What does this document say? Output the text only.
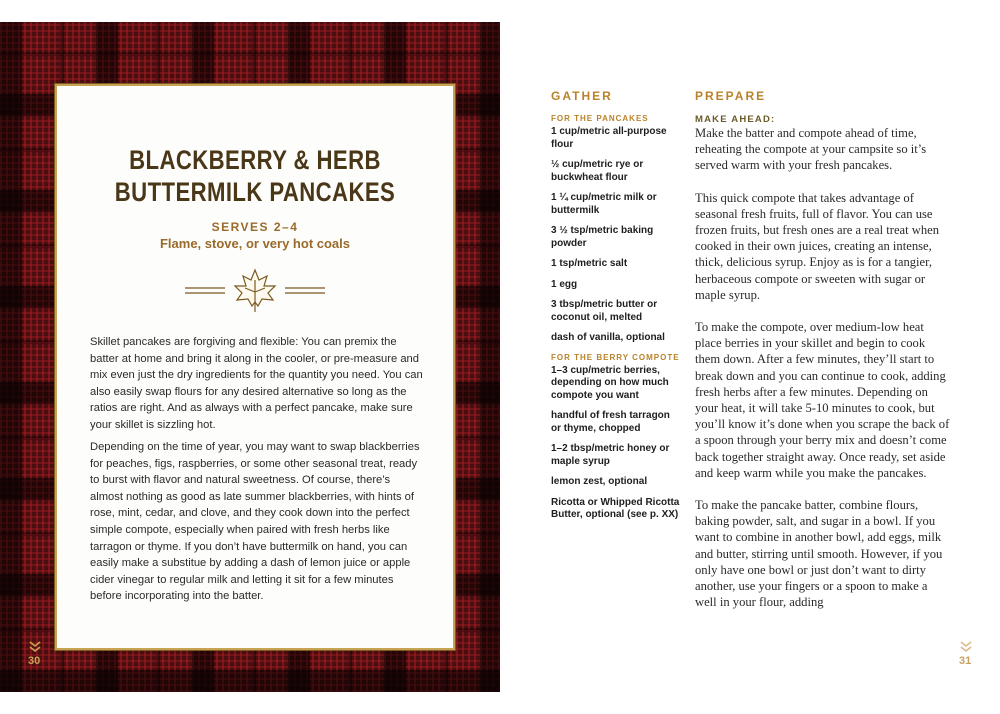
BLACKBERRY & HERB
BUTTERMILK PANCAKES
SERVES 2–4
Flame, stove, or very hot coals

Skillet pancakes are forgiving and flexible: You can premix the batter at home and bring it along in the cooler, or pre-measure and mix even just the dry ingredients for the quantity you need. You can also easily swap flours for any desired alternative so long as the ratios are right. And as always with a perfect pancake, make sure your skillet is sizzling hot.

Depending on the time of year, you may want to swap blackberries for peaches, figs, raspberries, or some other seasonal treat, ready to burst with flavor and natural sweetness. Of course, there’s almost nothing as good as late summer blackberries, with hints of rose, mint, cedar, and clove, and they cook down into the perfect simple compote, especially when paired with fresh herbs like tarragon or thyme. If you don’t have buttermilk on hand, you can easily make a substitue by adding a dash of lemon juice or apple cider vinegar to regular milk and letting it sit for a few minutes before incorporating into the batter.

30
GATHER
FOR THE PANCAKES

1 cup/metric all-purpose flour

½ cup/metric rye or buckwheat flour

1 ¼ cup/metric milk or buttermilk

3 ½ tsp/metric baking powder

1 tsp/metric salt

1 egg

3 tbsp/metric butter or coconut oil, melted

dash of vanilla, optional

FOR THE BERRY COMPOTE

1–3 cup/metric berries, depending on how much compote you want

handful of fresh tarragon or thyme, chopped

1–2 tbsp/metric honey or maple syrup

lemon zest, optional

Ricotta or Whipped Ricotta Butter, optional (see p. XX)

PREPARE

MAKE AHEAD:

Make the batter and compote ahead of time, reheating the compote at your campsite so it’s served warm with your fresh pancakes.

This quick compote that takes advantage of seasonal fresh fruits, full of flavor. You can use frozen fruits, but fresh ones are a real treat when cooked in their own juices, creating an intense, thick, delicious syrup. Enjoy as is for a tangier, herbaceous compote or sweeten with sugar or maple syrup.

To make the compote, over medium-low heat place berries in your skillet and begin to cook them down. After a few minutes, they’ll start to break down and you can continue to cook, adding fresh herbs after a few minutes. Depending on your heat, it will take 5-10 minutes to cook, but you’ll know it’s done when you scrape the back of a spoon through your berry mix and doesn’t come back together straight away. Once ready, set aside and keep warm while you make the pancakes.

To make the pancake batter, combine flours, baking powder, salt, and sugar in a bowl. If you want to combine in another bowl, add eggs, milk and butter, stirring until smooth. However, if you only have one bowl or just don’t want to dirty another, use your fingers or a spoon to make a well in your flour, adding

31
